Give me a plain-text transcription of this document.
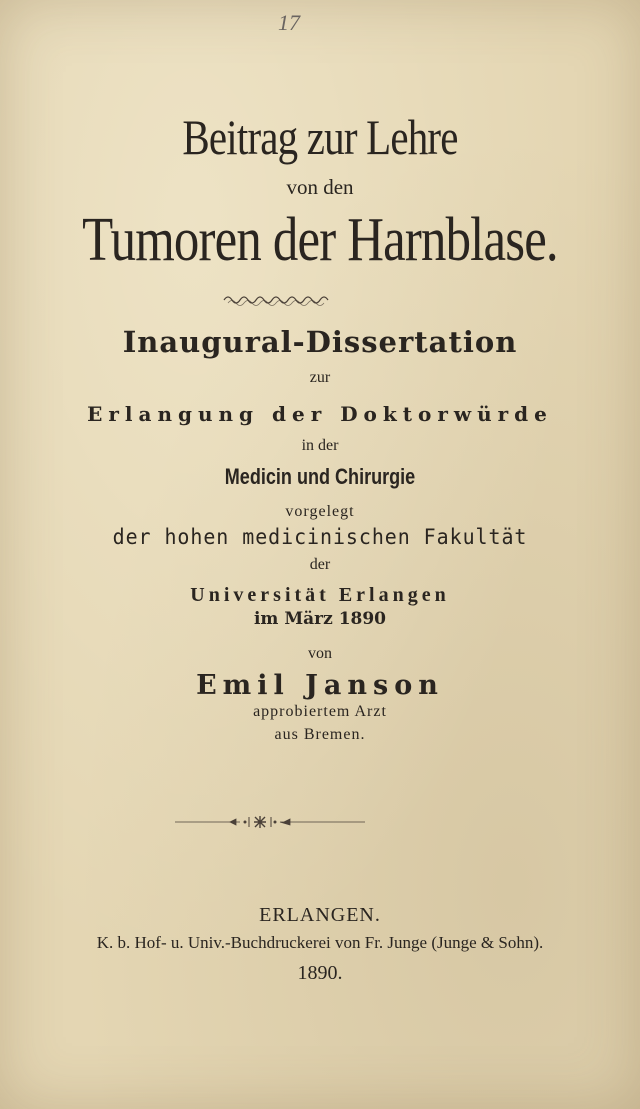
17
Beitrag zur Lehre
von den
Tumoren der Harnblase.
Inaugural-Dissertation
zur
Erlangung der Doktorwürde
in der
Medicin und Chirurgie
vorgelegt
der hohen medicinischen Fakultät
der
Universität Erlangen
im März 1890
von
Emil Janson
approbiertem Arzt
aus Bremen.
ERLANGEN.
K. b. Hof- u. Univ.-Buchdruckerei von Fr. Junge (Junge & Sohn).
1890.
